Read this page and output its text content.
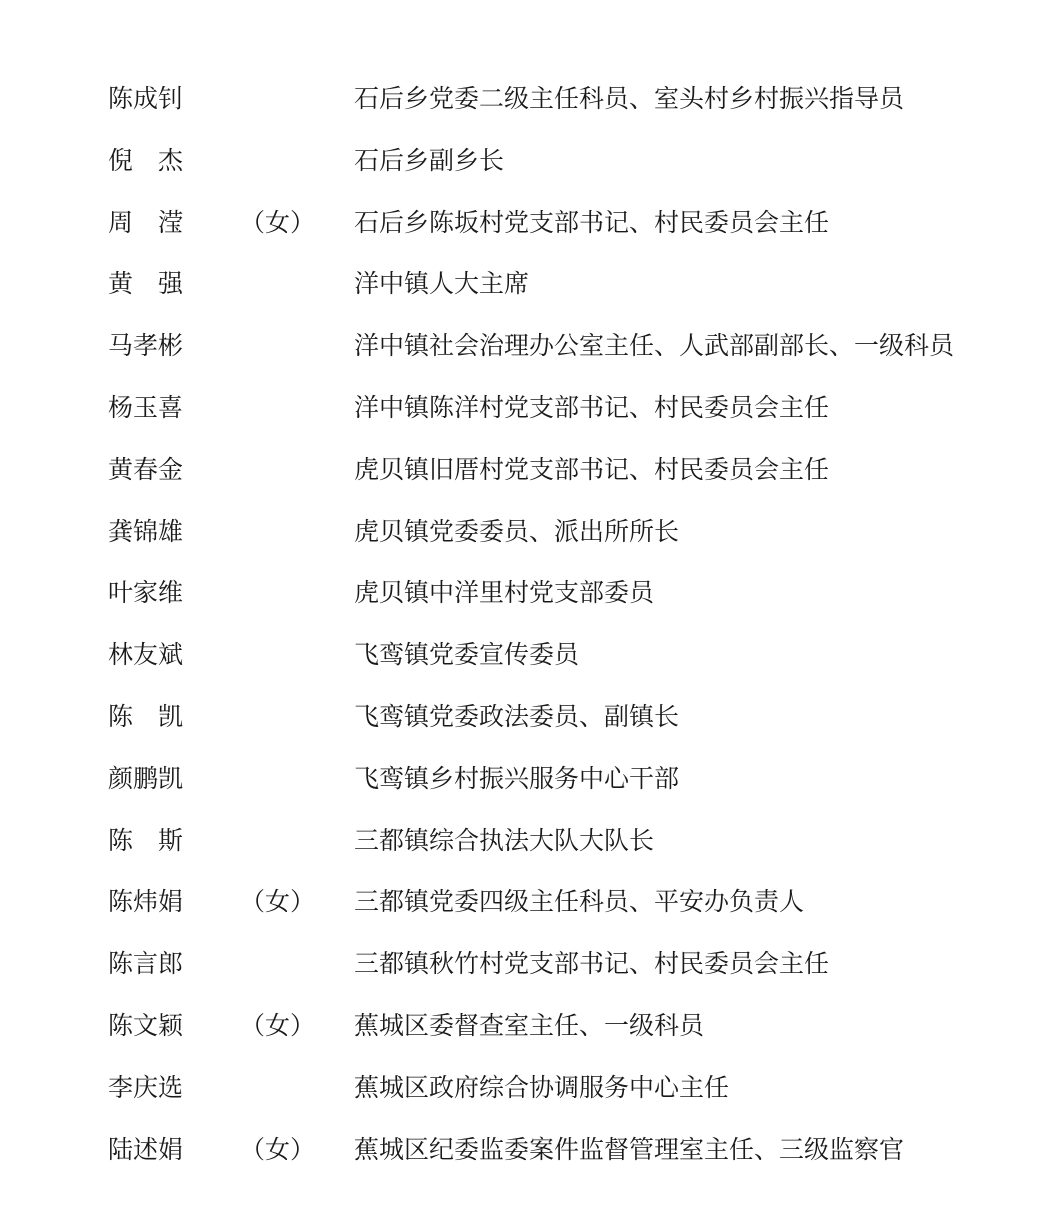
陈成钊	石后乡党委二级主任科员、室头村乡村振兴指导员
倪　杰	石后乡副乡长
周　滢 （女） 石后乡陈坂村党支部书记、村民委员会主任
黄　强	洋中镇人大主席
马孝彬	洋中镇社会治理办公室主任、人武部副部长、一级科员
杨玉喜	洋中镇陈洋村党支部书记、村民委员会主任
黄春金	虎贝镇旧厝村党支部书记、村民委员会主任
龚锦雄	虎贝镇党委委员、派出所所长
叶家维	虎贝镇中洋里村党支部委员
林友斌	飞鸾镇党委宣传委员
陈　凯	飞鸾镇党委政法委员、副镇长
颜鹏凯	飞鸾镇乡村振兴服务中心干部
陈　斯	三都镇综合执法大队大队长
陈炜娟 （女） 三都镇党委四级主任科员、平安办负责人
陈言郎	三都镇秋竹村党支部书记、村民委员会主任
陈文颖 （女） 蕉城区委督查室主任、一级科员
李庆选	蕉城区政府综合协调服务中心主任
陆述娟 （女） 蕉城区纪委监委案件监督管理室主任、三级监察官
